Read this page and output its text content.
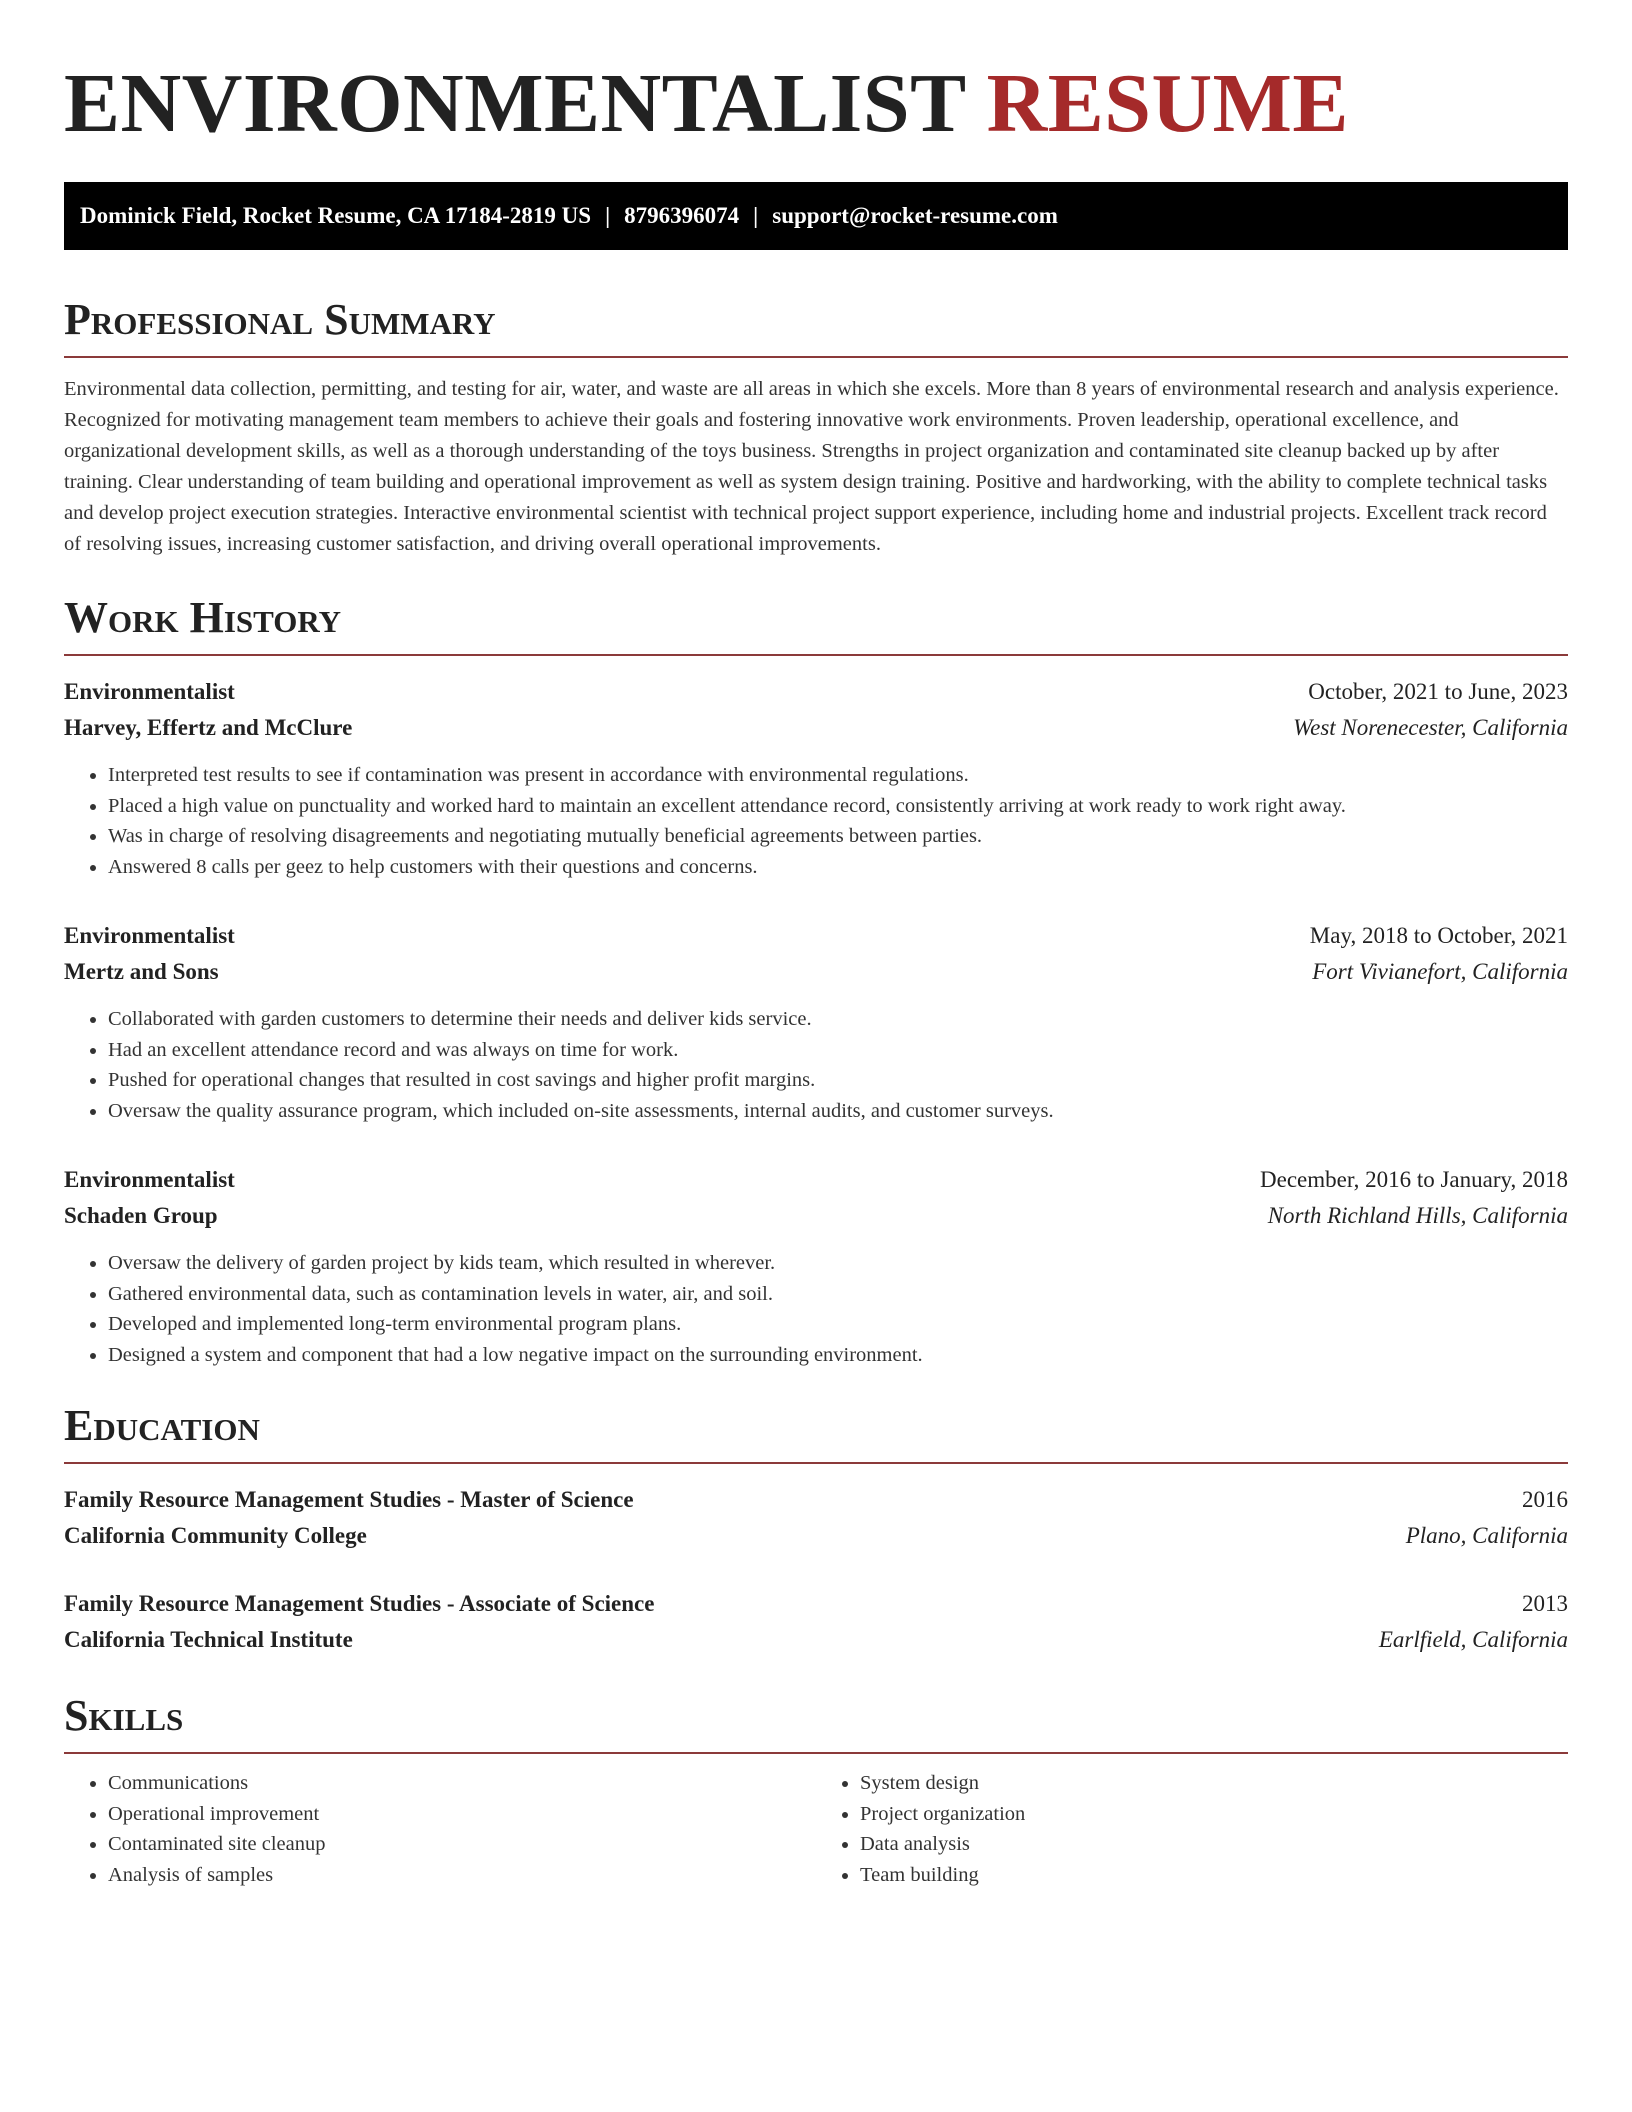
ENVIRONMENTALIST RESUME
Dominick Field, Rocket Resume, CA 17184-2819 US | 8796396074 | support@rocket-resume.com
Professional Summary

Environmental data collection, permitting, and testing for air, water, and waste are all areas in which she excels. More than 8 years of environmental research and analysis experience. Recognized for motivating management team members to achieve their goals and fostering innovative work environments. Proven leadership, operational excellence, and organizational development skills, as well as a thorough understanding of the toys business. Strengths in project organization and contaminated site cleanup backed up by after training. Clear understanding of team building and operational improvement as well as system design training. Positive and hardworking, with the ability to complete technical tasks and develop project execution strategies. Interactive environmental scientist with technical project support experience, including home and industrial projects. Excellent track record of resolving issues, increasing customer satisfaction, and driving overall operational improvements.

Work History
Environmentalist	October, 2021 to June, 2023
Harvey, Effertz and McClure	West Norenecester, California
• Interpreted test results to see if contamination was present in accordance with environmental regulations.
• Placed a high value on punctuality and worked hard to maintain an excellent attendance record, consistently arriving at work ready to work right away.
• Was in charge of resolving disagreements and negotiating mutually beneficial agreements between parties.
• Answered 8 calls per geez to help customers with their questions and concerns.
Environmentalist	May, 2018 to October, 2021
Mertz and Sons	Fort Vivianefort, California
• Collaborated with garden customers to determine their needs and deliver kids service.
• Had an excellent attendance record and was always on time for work.
• Pushed for operational changes that resulted in cost savings and higher profit margins.
• Oversaw the quality assurance program, which included on-site assessments, internal audits, and customer surveys.
Environmentalist	December, 2016 to January, 2018
Schaden Group	North Richland Hills, California
• Oversaw the delivery of garden project by kids team, which resulted in wherever.
• Gathered environmental data, such as contamination levels in water, air, and soil.
• Developed and implemented long-term environmental program plans.
• Designed a system and component that had a low negative impact on the surrounding environment.
Education
Family Resource Management Studies - Master of Science	2016
California Community College	Plano, California
Family Resource Management Studies - Associate of Science	2013
California Technical Institute	Earlfield, California
Skills
• Communications
• Operational improvement
• Contaminated site cleanup
• Analysis of samples
• System design
• Project organization
• Data analysis
• Team building
